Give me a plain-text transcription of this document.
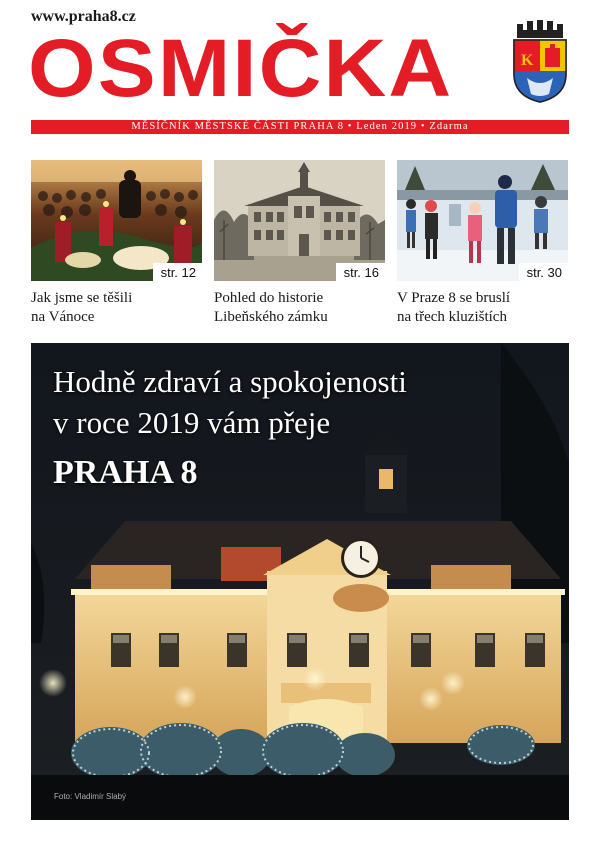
www.praha8.cz
OSMIČKA	K
MĚSÍČNÍK MĚSTSKÉ ČÁSTI PRAHA 8 • Leden 2019 • Zdarma
str. 12
Jak jsme se těšili
na Vánoce
str. 16
Pohled do historie
Libeňského zámku
str. 30
V Praze 8 se bruslí
na třech kluzištích
Hodně zdraví a spokojenosti
v roce 2019 vám přeje
PRAHA 8
Foto: Vladimír Slabý
